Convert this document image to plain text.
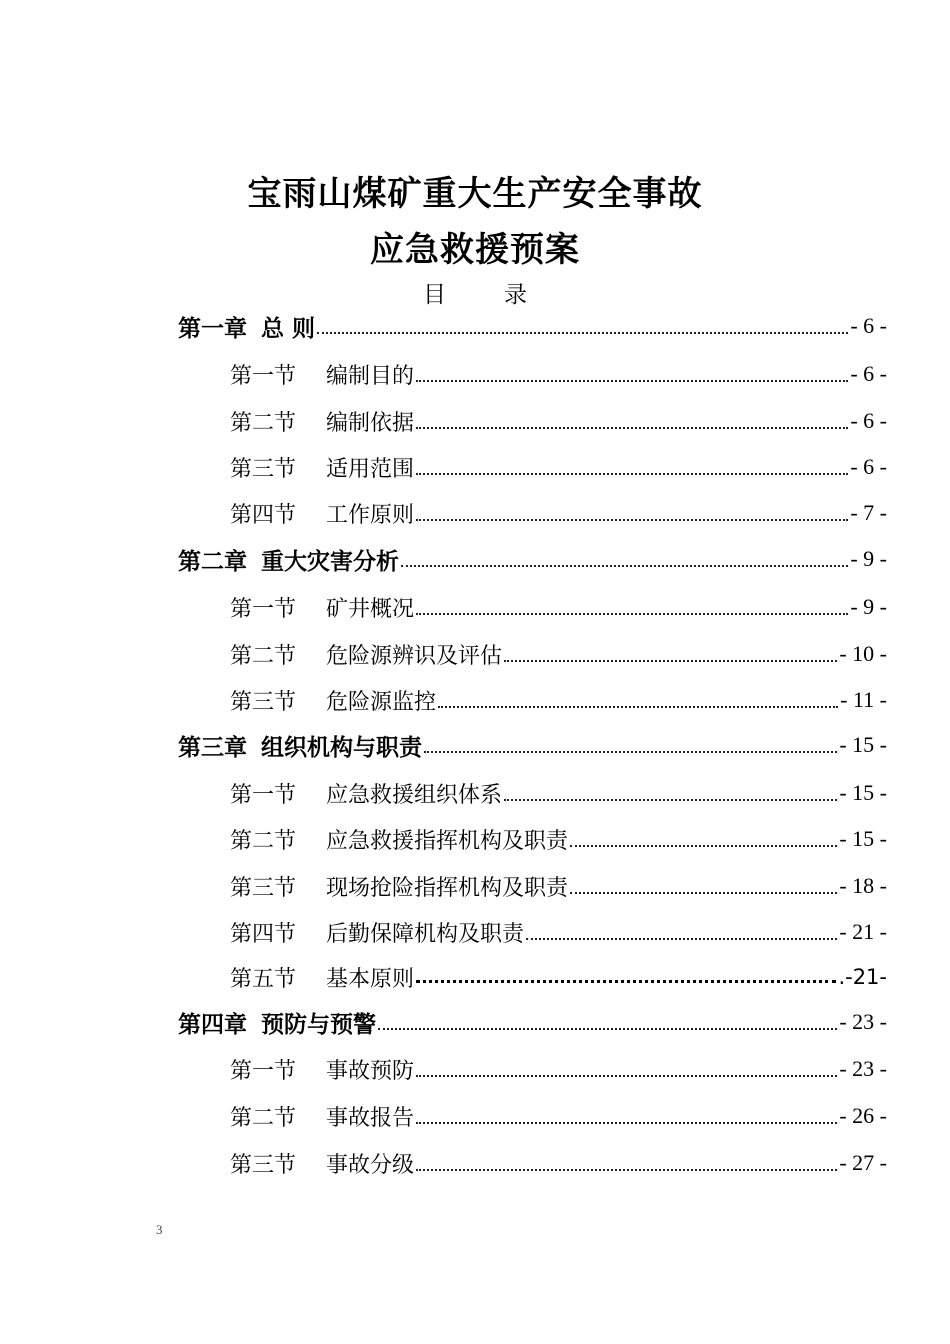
宝雨山煤矿重大生产安全事故
应急救援预案
目	录
第一章 总 则	- 6 -
第一节 编制目的	- 6 -
第二节 编制依据	- 6 -
第三节 适用范围	- 6 -
第四节 工作原则	- 7 -
第二章 重大灾害分析	- 9 -
第一节 矿井概况	- 9 -
第二节 危险源辨识及评估	- 10 -
第三节 危险源监控	- 11 -
第三章 组织机构与职责	- 15 -
第一节 应急救援组织体系	- 15 -
第二节 应急救援指挥机构及职责	- 15 -
第三节 现场抢险指挥机构及职责	- 18 -
第四节 后勤保障机构及职责	- 21 -
第五节 基本原则	.-21-
第四章 预防与预警	- 23 -
第一节 事故预防	- 23 -
第二节 事故报告	- 26 -
第三节 事故分级	- 27 -
3
